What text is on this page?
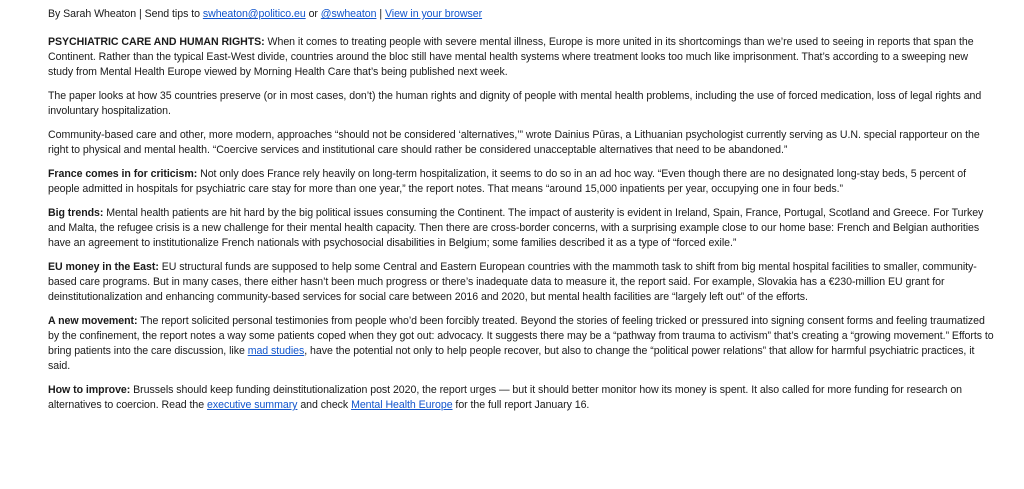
By Sarah Wheaton | Send tips to swheaton@politico.eu or @swheaton | View in your browser

PSYCHIATRIC CARE AND HUMAN RIGHTS: When it comes to treating people with severe mental illness, Europe is more united in its shortcomings than we’re used to seeing in reports that span the Continent. Rather than the typical East-West divide, countries around the bloc still have mental health systems where treatment looks too much like imprisonment. That’s according to a sweeping new study from Mental Health Europe viewed by Morning Health Care that’s being published next week.

The paper looks at how 35 countries preserve (or in most cases, don’t) the human rights and dignity of people with mental health problems, including the use of forced medication, loss of legal rights and involuntary hospitalization.

Community-based care and other, more modern, approaches “should not be considered ‘alternatives,’” wrote Dainius Pūras, a Lithuanian psychologist currently serving as U.N. special rapporteur on the right to physical and mental health. “Coercive services and institutional care should rather be considered unacceptable alternatives that need to be abandoned.”

France comes in for criticism: Not only does France rely heavily on long-term hospitalization, it seems to do so in an ad hoc way. “Even though there are no designated long-stay beds, 5 percent of people admitted in hospitals for psychiatric care stay for more than one year,” the report notes. That means “around 15,000 inpatients per year, occupying one in four beds.”

Big trends: Mental health patients are hit hard by the big political issues consuming the Continent. The impact of austerity is evident in Ireland, Spain, France, Portugal, Scotland and Greece. For Turkey and Malta, the refugee crisis is a new challenge for their mental health capacity. Then there are cross-border concerns, with a surprising example close to our home base: French and Belgian authorities have an agreement to institutionalize French nationals with psychosocial disabilities in Belgium; some families described it as a type of “forced exile.”

EU money in the East: EU structural funds are supposed to help some Central and Eastern European countries with the mammoth task to shift from big mental hospital facilities to smaller, community-based care programs. But in many cases, there either hasn’t been much progress or there’s inadequate data to measure it, the report said. For example, Slovakia has a €230-million EU grant for deinstitutionalization and enhancing community-based services for social care between 2016 and 2020, but mental health facilities are “largely left out” of the efforts.

A new movement: The report solicited personal testimonies from people who’d been forcibly treated. Beyond the stories of feeling tricked or pressured into signing consent forms and feeling traumatized by the confinement, the report notes a way some patients coped when they got out: advocacy. It suggests there may be a “pathway from trauma to activism” that’s creating a “growing movement.” Efforts to bring patients into the care discussion, like mad studies, have the potential not only to help people recover, but also to change the “political power relations” that allow for harmful psychiatric practices, it said.

How to improve: Brussels should keep funding deinstitutionalization post 2020, the report urges — but it should better monitor how its money is spent. It also called for more funding for research on alternatives to coercion. Read the executive summary and check Mental Health Europe for the full report January 16.
